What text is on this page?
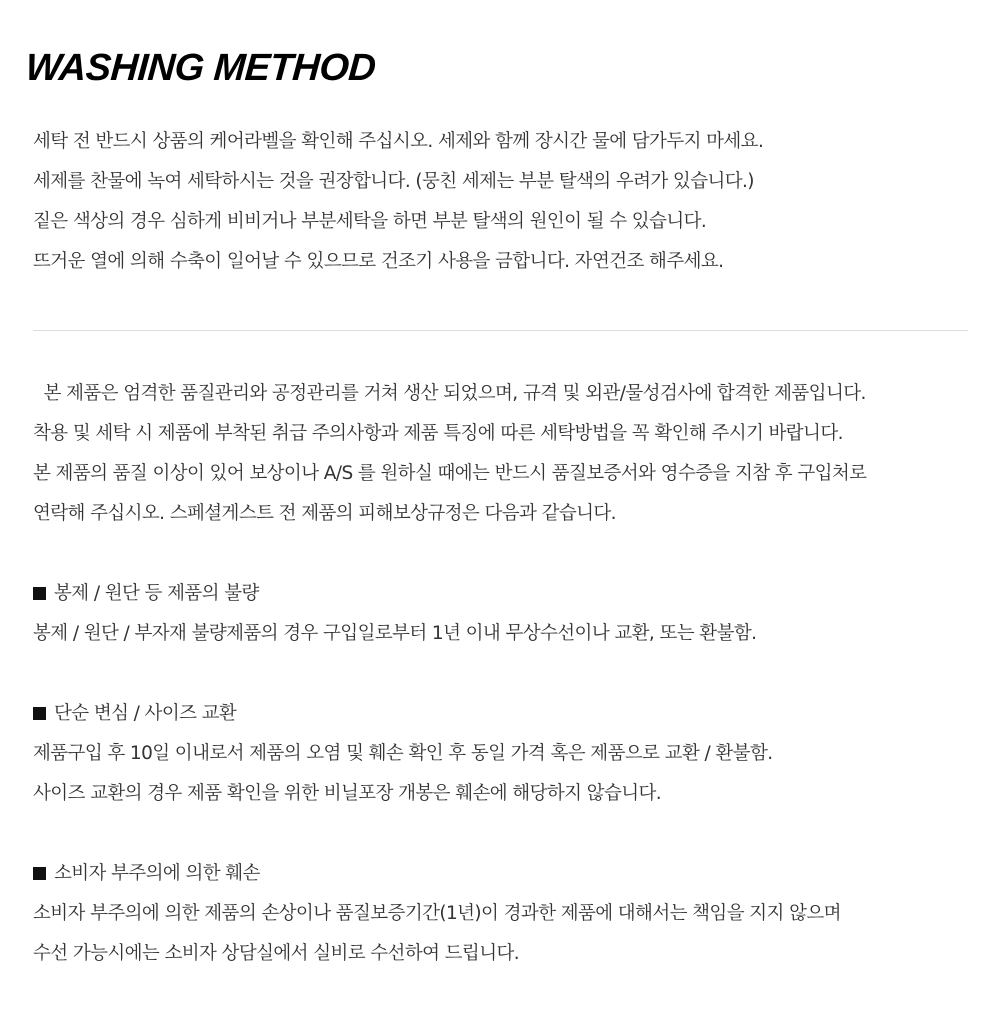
WASHING METHOD

세탁 전 반드시 상품의 케어라벨을 확인해 주십시오. 세제와 함께 장시간 물에 담가두지 마세요.

세제를 찬물에 녹여 세탁하시는 것을 권장합니다. (뭉친 세제는 부분 탈색의 우려가 있습니다.)

짙은 색상의 경우 심하게 비비거나 부분세탁을 하면 부분 탈색의 원인이 될 수 있습니다.

뜨거운 열에 의해 수축이 일어날 수 있으므로 건조기 사용을 금합니다. 자연건조 해주세요.

본 제품은 엄격한 품질관리와 공정관리를 거쳐 생산 되었으며, 규격 및 외관/물성검사에 합격한 제품입니다.

착용 및 세탁 시 제품에 부착된 취급 주의사항과 제품 특징에 따른 세탁방법을 꼭 확인해 주시기 바랍니다.

본 제품의 품질 이상이 있어 보상이나 A/S 를 원하실 때에는 반드시 품질보증서와 영수증을 지참 후 구입처로

연락해 주십시오. 스페셜게스트 전 제품의 피해보상규정은 다음과 같습니다.

봉제 / 원단 등 제품의 불량

봉제 / 원단 / 부자재 불량제품의 경우 구입일로부터 1년 이내 무상수선이나 교환, 또는 환불함.

단순 변심 / 사이즈 교환

제품구입 후 10일 이내로서 제품의 오염 및 훼손 확인 후 동일 가격 혹은 제품으로 교환 / 환불함.

사이즈 교환의 경우 제품 확인을 위한 비닐포장 개봉은 훼손에 해당하지 않습니다.

소비자 부주의에 의한 훼손

소비자 부주의에 의한 제품의 손상이나 품질보증기간(1년)이 경과한 제품에 대해서는 책임을 지지 않으며

수선 가능시에는 소비자 상담실에서 실비로 수선하여 드립니다.
